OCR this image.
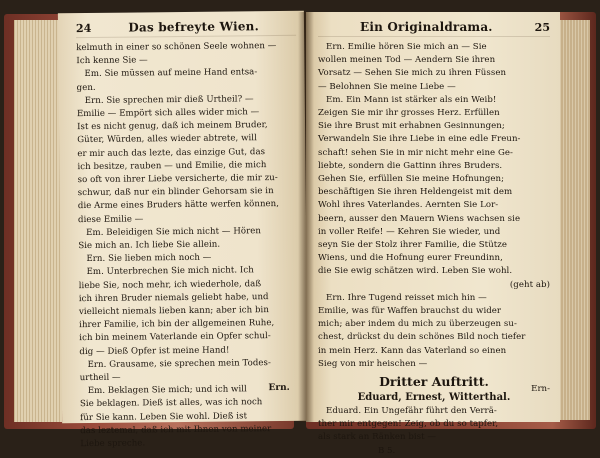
24	Das befreyte Wien.
kelmuth in einer so schönen Seele wohnen —
Ich kenne Sie —
Em. Sie müssen auf meine Hand entsa-
gen.
Ern. Sie sprechen mir dieß Urtheil? —
Emilie — Empört sich alles wider mich —
Ist es nicht genug, daß ich meinem Bruder,
Güter, Würden, alles wieder abtrete, will
er mir auch das lezte, das einzige Gut, das
ich besitze, rauben — und Emilie, die mich
so oft von ihrer Liebe versicherte, die mir zu-
schwur, daß nur ein blinder Gehorsam sie in
die Arme eines Bruders hätte werfen können,
diese Emilie —
Em. Beleidigen Sie mich nicht — Hören
Sie mich an. Ich liebe Sie allein.
Ern. Sie lieben mich noch —
Em. Unterbrechen Sie mich nicht. Ich
liebe Sie, noch mehr, ich wiederhole, daß
ich ihren Bruder niemals geliebt habe, und
vielleicht niemals lieben kann; aber ich bin
ihrer Familie, ich bin der allgemeinen Ruhe,
ich bin meinem Vaterlande ein Opfer schul-
dig — Dieß Opfer ist meine Hand!
Ern. Grausame, sie sprechen mein Todes-
urtheil —
Em. Beklagen Sie mich; und ich will
Sie beklagen. Dieß ist alles, was ich noch
für Sie kann. Leben Sie wohl. Dieß ist
das leztemal, daß ich mit Ihnen von meiner
Liebe spreche.
Ern.
Ein Originaldrama.	25
Ern. Emilie hören Sie mich an — Sie
wollen meinen Tod — Aendern Sie ihren
Vorsatz — Sehen Sie mich zu ihren Füssen
— Belohnen Sie meine Liebe —
Em. Ein Mann ist stärker als ein Weib!
Zeigen Sie mir ihr grosses Herz. Erfüllen
Sie ihre Brust mit erhabnen Gesinnungen;
Verwandeln Sie ihre Liebe in eine edle Freun-
schaft! sehen Sie in mir nicht mehr eine Ge-
liebte, sondern die Gattinn ihres Bruders.
Gehen Sie, erfüllen Sie meine Hofnungen;
beschäftigen Sie ihren Heldengeist mit dem
Wohl ihres Vaterlandes. Aernten Sie Lor-
beern, ausser den Mauern Wiens wachsen sie
in voller Reife! — Kehren Sie wieder, und
seyn Sie der Stolz ihrer Familie, die Stütze
Wiens, und die Hofnung eurer Freundinn,
die Sie ewig schätzen wird. Leben Sie wohl.
(geht ab)
Ern. Ihre Tugend reisset mich hin —
Emilie, was für Waffen brauchst du wider
mich; aber indem du mich zu überzeugen su-
chest, drückst du dein schönes Bild noch tiefer
in mein Herz. Kann das Vaterland so einen
Sieg von mir heischen —
Dritter Auftritt.
Eduard, Ernest, Witterthal.
Eduard. Ein Ungefähr führt den Verrä-
ther mir entgegen! Zeig, ob du so tapfer,
als stark an Ränken bist —
B 5.
Ern-
